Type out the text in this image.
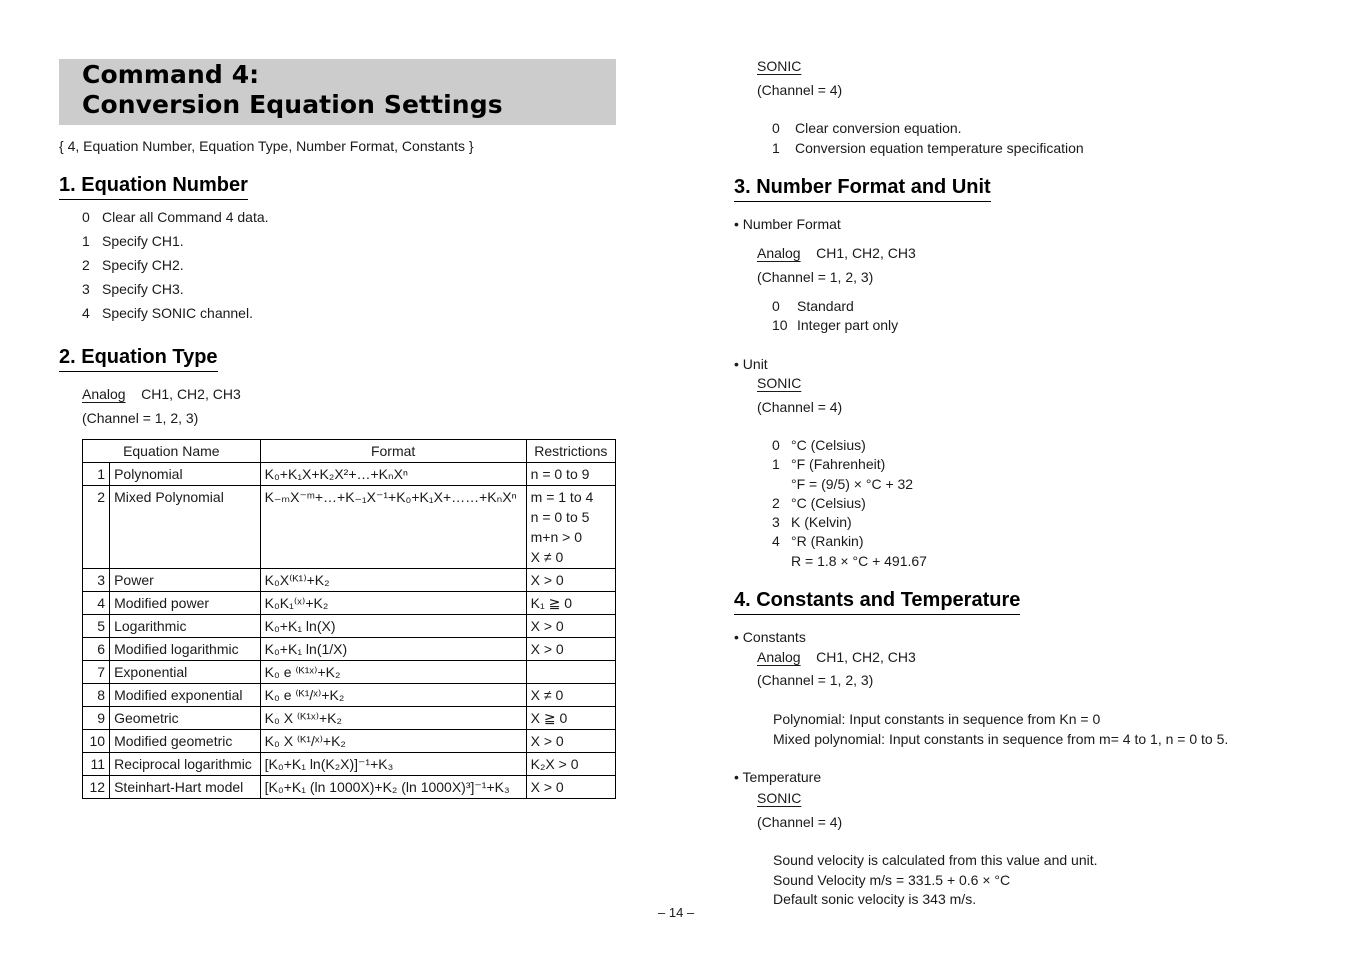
Command 4:
Conversion Equation Settings
{ 4, Equation Number, Equation Type, Number Format, Constants }
1. Equation Number
0 Clear all Command 4 data.
1 Specify CH1.
2 Specify CH2.
3 Specify CH3.
4 Specify SONIC channel.
2. Equation Type
Analog CH1, CH2, CH3
(Channel = 1, 2, 3)
Equation Name		Format	Restrictions
1	Polynomial	K₀+K₁X+K₂X²+…+KₙXⁿ	n = 0 to 9
2	Mixed Polynomial	K₋ₘX⁻ᵐ+…+K₋₁X⁻¹+K₀+K₁X+……+KₙXⁿ	m = 1 to 4
n = 0 to 5
m+n > 0
X ≠ 0
3	Power	K₀X⁽ᴷ¹⁾+K₂	X > 0
4	Modified power	K₀K₁⁽ˣ⁾+K₂	K₁ ≧ 0
5	Logarithmic	K₀+K₁ ln(X)	X > 0
6	Modified logarithmic	K₀+K₁ ln(1/X)	X > 0
7	Exponential	K₀ e ⁽ᴷ¹ˣ⁾+K₂	
8	Modified exponential	K₀ e ⁽ᴷ¹/ˣ⁾+K₂	X ≠ 0
9	Geometric	K₀ X ⁽ᴷ¹ˣ⁾+K₂	X ≧ 0
10	Modified geometric	K₀ X ⁽ᴷ¹/ˣ⁾+K₂	X > 0
11	Reciprocal logarithmic	[K₀+K₁ ln(K₂X)]⁻¹+K₃	K₂X > 0
12	Steinhart-Hart model	[K₀+K₁ (ln 1000X)+K₂ (ln 1000X)³]⁻¹+K₃	X > 0
SONIC
(Channel = 4)
0 Clear conversion equation.
1 Conversion equation temperature specification
3. Number Format and Unit
• Number Format
Analog CH1, CH2, CH3
(Channel = 1, 2, 3)
0 Standard
10 Integer part only
• Unit
SONIC
(Channel = 4)
0 °C (Celsius)
1 °F (Fahrenheit)
°F = (9/5) × °C + 32
2 °C (Celsius)
3 K (Kelvin)
4 °R (Rankin)
R = 1.8 × °C + 491.67
4. Constants and Temperature
• Constants
Analog CH1, CH2, CH3
(Channel = 1, 2, 3)
Polynomial: Input constants in sequence from Kn = 0
Mixed polynomial: Input constants in sequence from m= 4 to 1, n = 0 to 5.
• Temperature
SONIC
(Channel = 4)
Sound velocity is calculated from this value and unit.
Sound Velocity m/s = 331.5 + 0.6 × °C
Default sonic velocity is 343 m/s.
– 14 –
